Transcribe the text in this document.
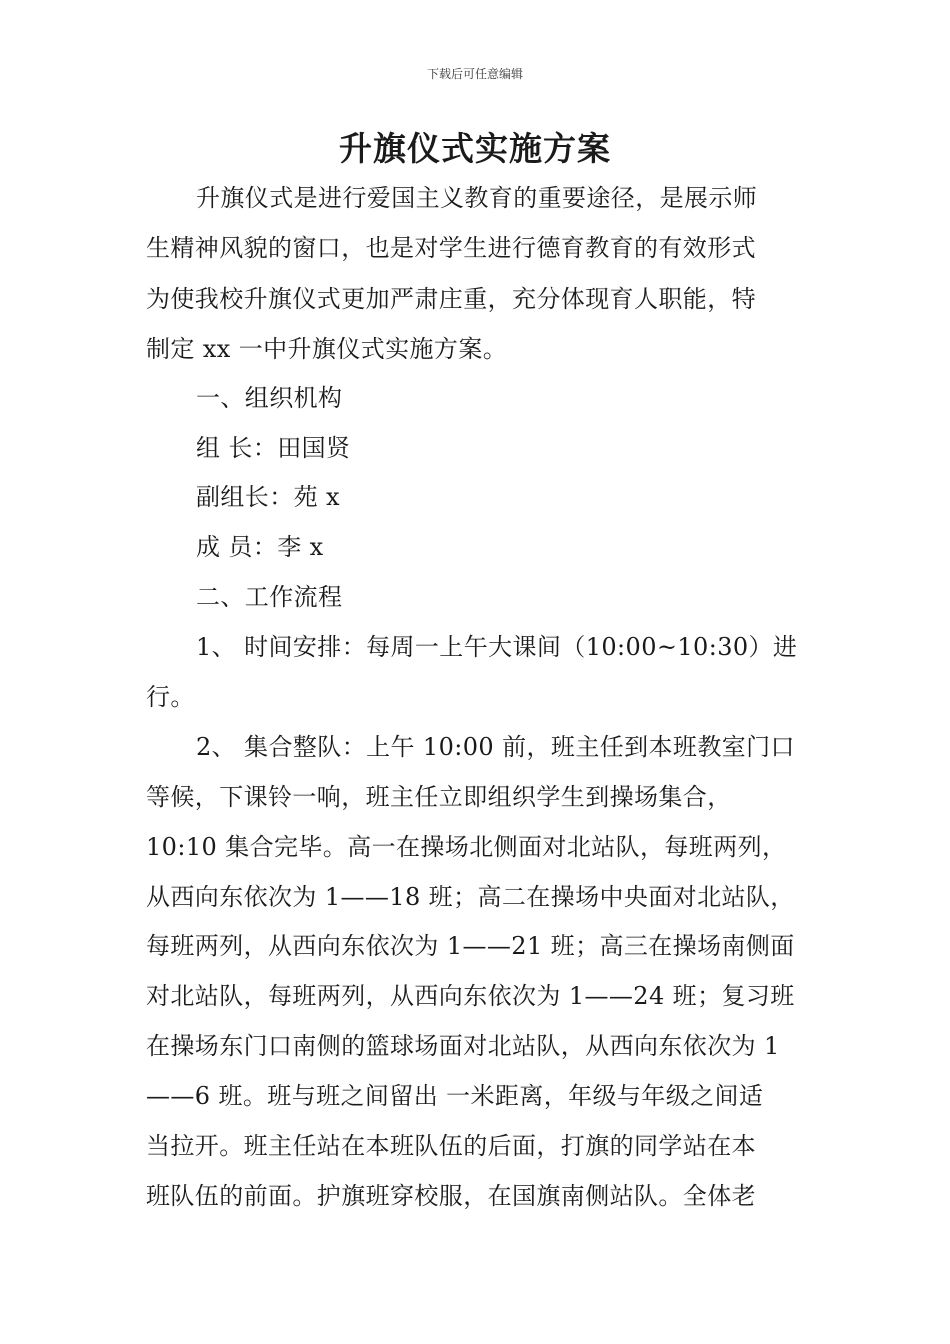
下载后可任意编辑
升旗仪式实施方案
升旗仪式是进行爱国主义教育的重要途径，是展示师
生精神风貌的窗口，也是对学生进行德育教育的有效形式
为使我校升旗仪式更加严肃庄重，充分体现育人职能，特
制定 xx 一中升旗仪式实施方案。
一、组织机构
组 长：田国贤
副组长：苑 x
成 员：李 x
二、工作流程
1、 时间安排：每周一上午大课间（10:00~10:30）进
行。
2、 集合整队：上午 10:00 前，班主任到本班教室门口
等候，下课铃一响，班主任立即组织学生到操场集合，
10:10 集合完毕。高一在操场北侧面对北站队，每班两列，
从西向东依次为 1——18 班；高二在操场中央面对北站队，
每班两列，从西向东依次为 1——21 班；高三在操场南侧面
对北站队，每班两列，从西向东依次为 1——24 班；复习班
在操场东门口南侧的篮球场面对北站队，从西向东依次为 1
——6 班。班与班之间留出 一米距离，年级与年级之间适
当拉开。班主任站在本班队伍的后面，打旗的同学站在本
班队伍的前面。护旗班穿校服，在国旗南侧站队。全体老
